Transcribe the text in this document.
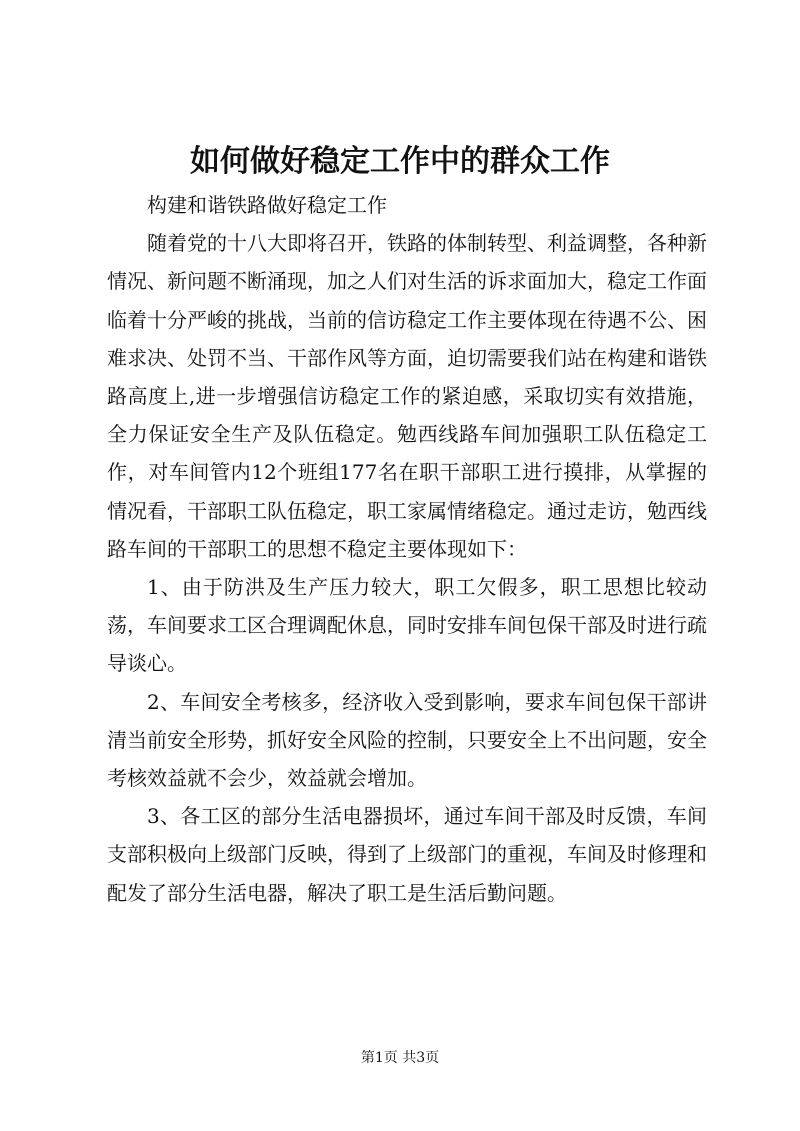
如何做好稳定工作中的群众工作

构建和谐铁路做好稳定工作

随着党的十八大即将召开，铁路的体制转型、利益调整，各种新情况、新问题不断涌现，加之人们对生活的诉求面加大，稳定工作面临着十分严峻的挑战，当前的信访稳定工作主要体现在待遇不公、困难求决、处罚不当、干部作风等方面，迫切需要我们站在构建和谐铁路高度上,进一步增强信访稳定工作的紧迫感，采取切实有效措施，全力保证安全生产及队伍稳定。勉西线路车间加强职工队伍稳定工作，对车间管内12个班组177名在职干部职工进行摸排，从掌握的情况看，干部职工队伍稳定，职工家属情绪稳定。通过走访，勉西线路车间的干部职工的思想不稳定主要体现如下：

1、由于防洪及生产压力较大，职工欠假多，职工思想比较动荡，车间要求工区合理调配休息，同时安排车间包保干部及时进行疏导谈心。

2、车间安全考核多，经济收入受到影响，要求车间包保干部讲清当前安全形势，抓好安全风险的控制，只要安全上不出问题，安全考核效益就不会少，效益就会增加。

3、各工区的部分生活电器损坏，通过车间干部及时反馈，车间支部积极向上级部门反映，得到了上级部门的重视，车间及时修理和配发了部分生活电器，解决了职工是生活后勤问题。

第1页 共3页
